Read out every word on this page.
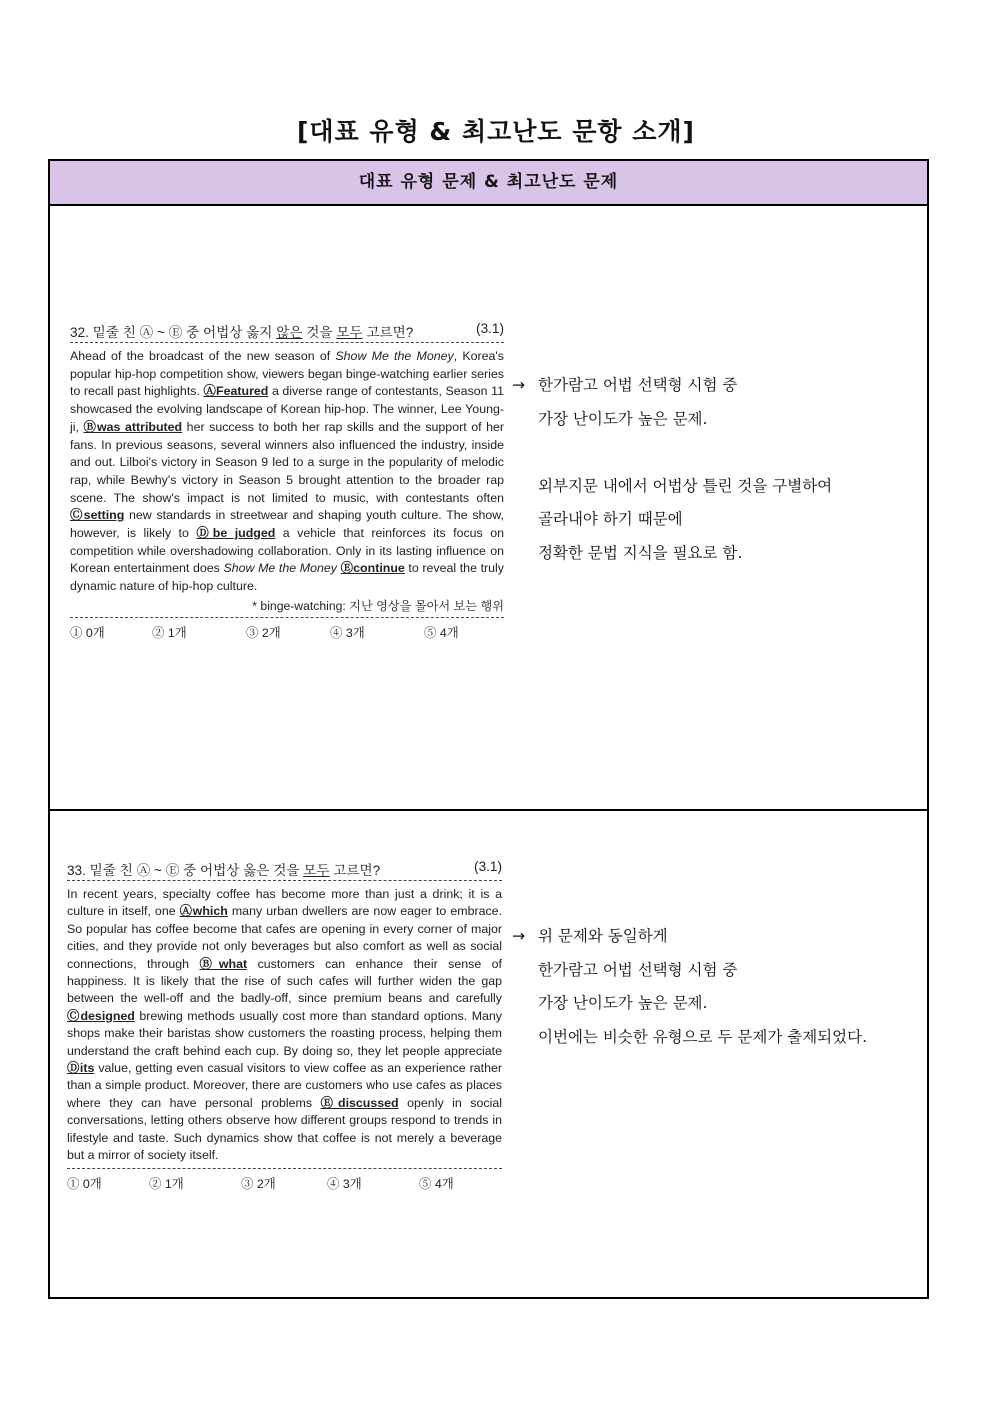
[대표 유형 & 최고난도 문항 소개]
대표 유형 문제 & 최고난도 문제
32. 밑줄 친 Ⓐ ~ Ⓔ 중 어법상 옳지 않은 것을 모두 고르면?	(3.1)
Ahead of the broadcast of the new season of Show Me the Money, Korea's popular hip-hop competition show, viewers began binge-watching earlier series to recall past highlights. ⒶFeatured a diverse range of contestants, Season 11 showcased the evolving landscape of Korean hip-hop. The winner, Lee Young-ji, Ⓑwas attributed her success to both her rap skills and the support of her fans. In previous seasons, several winners also influenced the industry, inside and out. Lilboi's victory in Season 9 led to a surge in the popularity of melodic rap, while Bewhy's victory in Season 5 brought attention to the broader rap scene. The show's impact is not limited to music, with contestants often Ⓒsetting new standards in streetwear and shaping youth culture. The show, however, is likely to Ⓓbe judged a vehicle that reinforces its focus on competition while overshadowing collaboration. Only in its lasting influence on Korean entertainment does Show Me the Money Ⓔcontinue to reveal the truly dynamic nature of hip-hop culture.
* binge-watching: 지난 영상을 몰아서 보는 행위
① 0개	② 1개	③ 2개	④ 3개	⑤ 4개
→ 한가람고 어법 선택형 시험 중
가장 난이도가 높은 문제.
외부지문 내에서 어법상 틀린 것을 구별하여
골라내야 하기 때문에
정확한 문법 지식을 필요로 함.
33. 밑줄 친 Ⓐ ~ Ⓔ 중 어법상 옳은 것을 모두 고르면?	(3.1)
In recent years, specialty coffee has become more than just a drink; it is a culture in itself, one Ⓐwhich many urban dwellers are now eager to embrace. So popular has coffee become that cafes are opening in every corner of major cities, and they provide not only beverages but also comfort as well as social connections, through Ⓑwhat customers can enhance their sense of happiness. It is likely that the rise of such cafes will further widen the gap between the well-off and the badly-off, since premium beans and carefully Ⓒdesigned brewing methods usually cost more than standard options. Many shops make their baristas show customers the roasting process, helping them understand the craft behind each cup. By doing so, they let people appreciate Ⓓits value, getting even casual visitors to view coffee as an experience rather than a simple product. Moreover, there are customers who use cafes as places where they can have personal problems Ⓔdiscussed openly in social conversations, letting others observe how different groups respond to trends in lifestyle and taste. Such dynamics show that coffee is not merely a beverage but a mirror of society itself.
① 0개	② 1개	③ 2개	④ 3개	⑤ 4개
→ 위 문제와 동일하게
한가람고 어법 선택형 시험 중
가장 난이도가 높은 문제.
이번에는 비슷한 유형으로 두 문제가 출제되었다.
